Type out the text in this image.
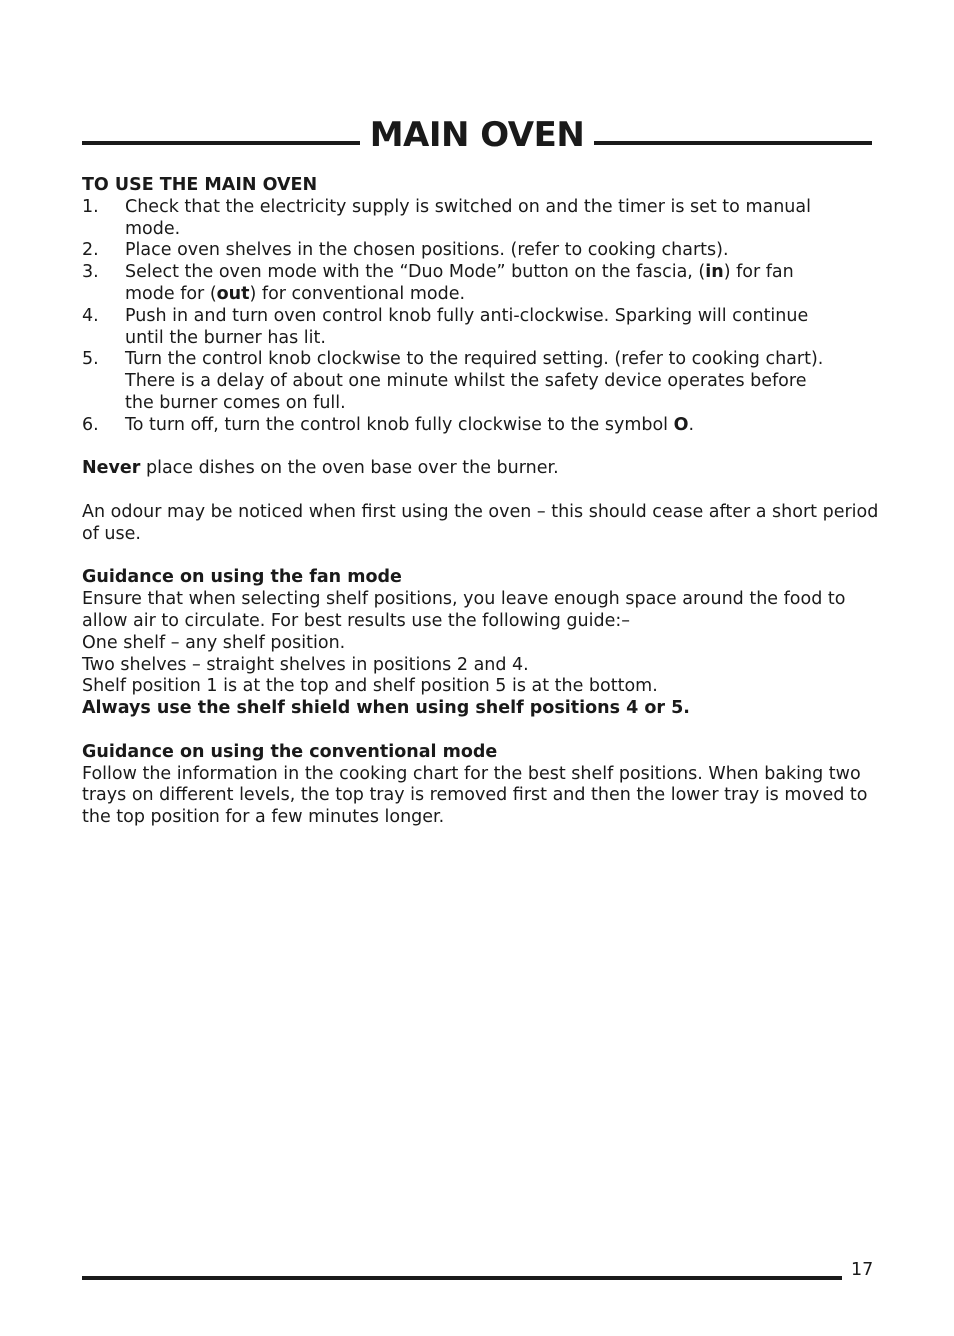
MAIN OVEN

TO USE THE MAIN OVEN

1.	Check that the electricity supply is switched on and the timer is set to manual mode.
2.	Place oven shelves in the chosen positions. (refer to cooking charts).
3.	Select the oven mode with the “Duo Mode” button on the fascia, (in) for fan mode for (out) for conventional mode.
4.	Push in and turn oven control knob fully anti-clockwise. Sparking will continue until the burner has lit.
5.	Turn the control knob clockwise to the required setting. (refer to cooking chart). There is a delay of about one minute whilst the safety device operates before the burner comes on full.
6.	To turn off, turn the control knob fully clockwise to the symbol O.

Never place dishes on the oven base over the burner.

An odour may be noticed when first using the oven – this should cease after a short period of use.

Guidance on using the fan mode

Ensure that when selecting shelf positions, you leave enough space around the food to allow air to circulate. For best results use the following guide:–

One shelf – any shelf position.

Two shelves – straight shelves in positions 2 and 4.

Shelf position 1 is at the top and shelf position 5 is at the bottom.

Always use the shelf shield when using shelf positions 4 or 5.

Guidance on using the conventional mode

Follow the information in the cooking chart for the best shelf positions. When baking two trays on different levels, the top tray is removed first and then the lower tray is moved to the top position for a few minutes longer.

17
